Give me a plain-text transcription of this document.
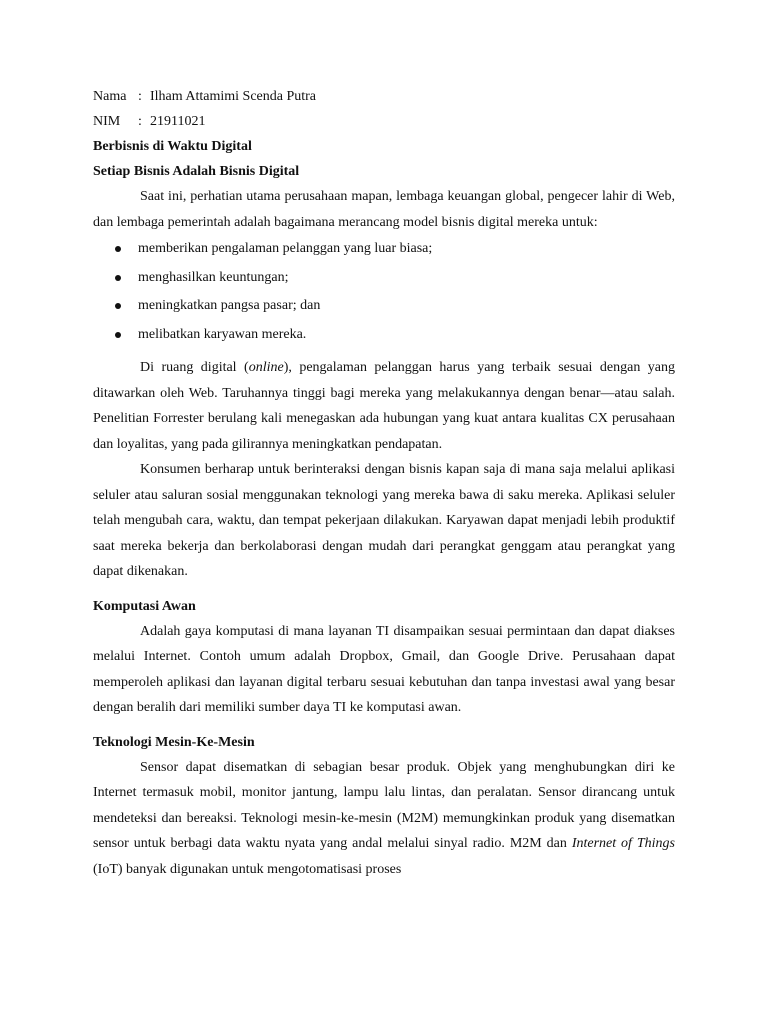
Nama : Ilham Attamimi Scenda Putra
NIM	: 21911021
Berbisnis di Waktu Digital
Setiap Bisnis Adalah Bisnis Digital

Saat ini, perhatian utama perusahaan mapan, lembaga keuangan global, pengecer lahir di Web, dan lembaga pemerintah adalah bagaimana merancang model bisnis digital mereka untuk:

memberikan pengalaman pelanggan yang luar biasa;
menghasilkan keuntungan;
meningkatkan pangsa pasar; dan
melibatkan karyawan mereka.

Di ruang digital (online), pengalaman pelanggan harus yang terbaik sesuai dengan yang ditawarkan oleh Web. Taruhannya tinggi bagi mereka yang melakukannya dengan benar—atau salah. Penelitian Forrester berulang kali menegaskan ada hubungan yang kuat antara kualitas CX perusahaan dan loyalitas, yang pada gilirannya meningkatkan pendapatan.

Konsumen berharap untuk berinteraksi dengan bisnis kapan saja di mana saja melalui aplikasi seluler atau saluran sosial menggunakan teknologi yang mereka bawa di saku mereka. Aplikasi seluler telah mengubah cara, waktu, dan tempat pekerjaan dilakukan. Karyawan dapat menjadi lebih produktif saat mereka bekerja dan berkolaborasi dengan mudah dari perangkat genggam atau perangkat yang dapat dikenakan.

Komputasi Awan

Adalah gaya komputasi di mana layanan TI disampaikan sesuai permintaan dan dapat diakses melalui Internet. Contoh umum adalah Dropbox, Gmail, dan Google Drive. Perusahaan dapat memperoleh aplikasi dan layanan digital terbaru sesuai kebutuhan dan tanpa investasi awal yang besar dengan beralih dari memiliki sumber daya TI ke komputasi awan.

Teknologi Mesin-Ke-Mesin

Sensor dapat disematkan di sebagian besar produk. Objek yang menghubungkan diri ke Internet termasuk mobil, monitor jantung, lampu lalu lintas, dan peralatan. Sensor dirancang untuk mendeteksi dan bereaksi. Teknologi mesin-ke-mesin (M2M) memungkinkan produk yang disematkan sensor untuk berbagi data waktu nyata yang andal melalui sinyal radio. M2M dan Internet of Things (IoT) banyak digunakan untuk mengotomatisasi proses
